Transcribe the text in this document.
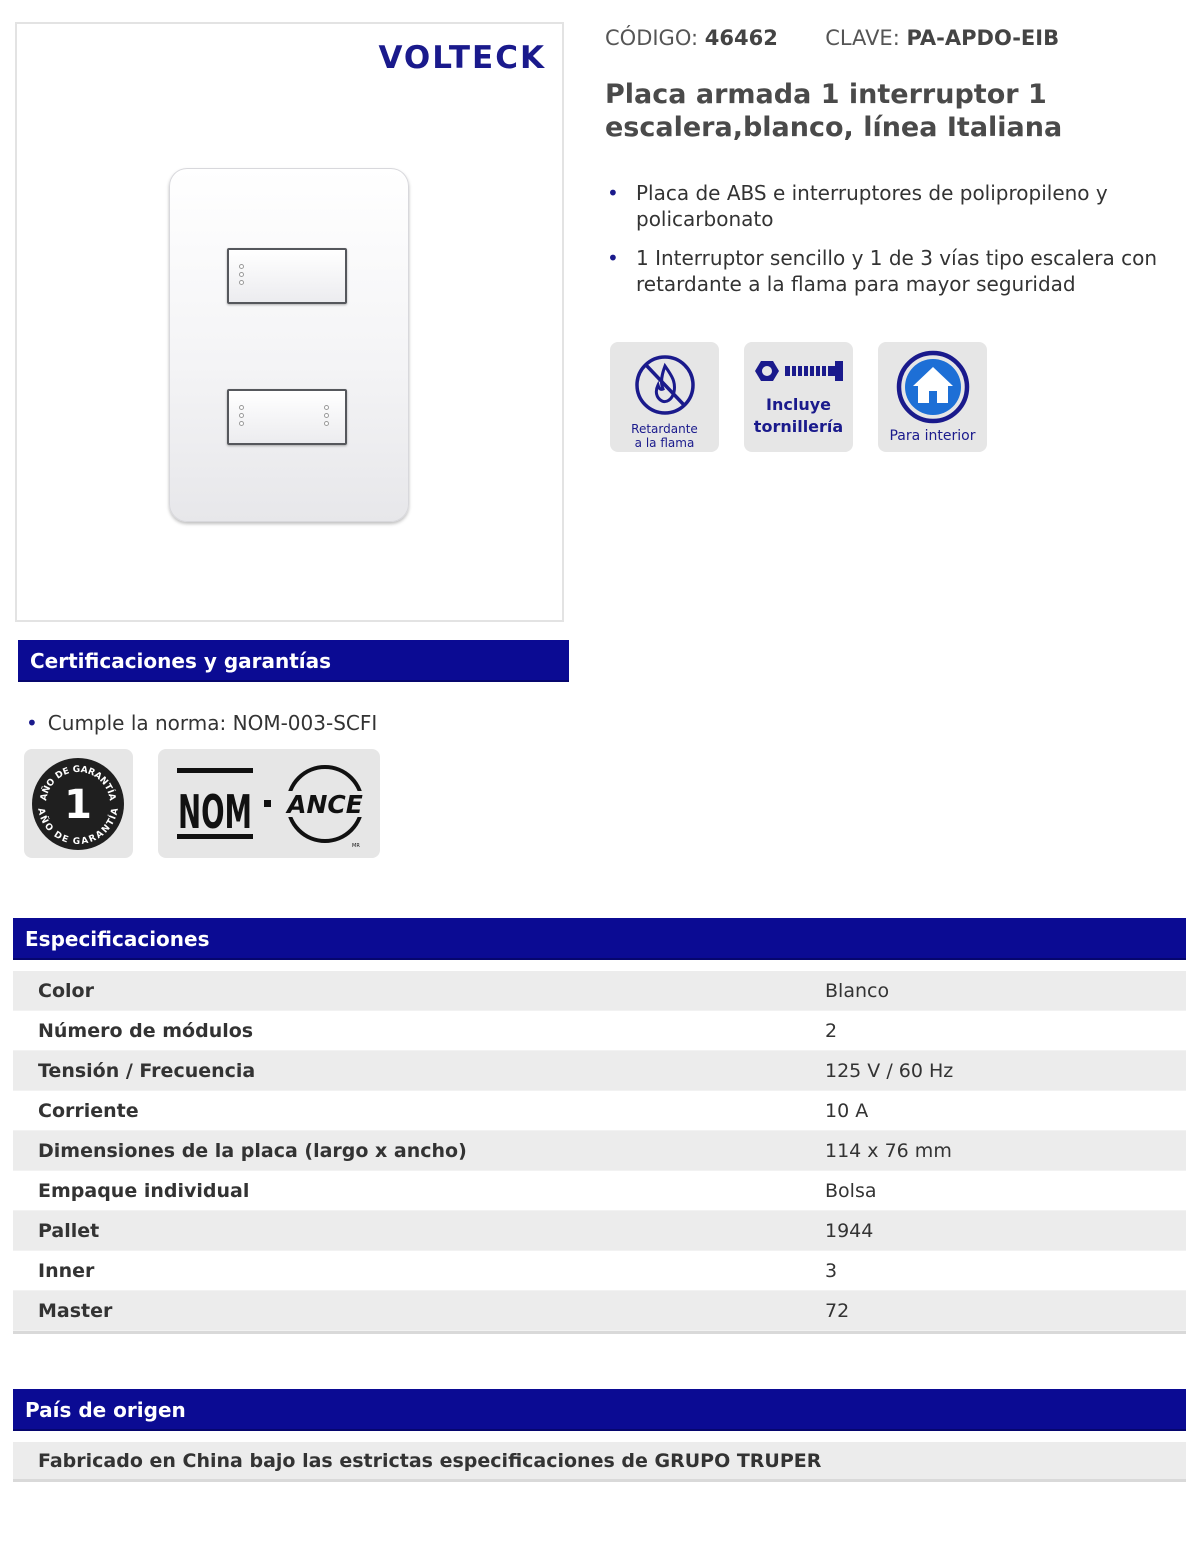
VOLTECK
CÓDIGO: 46462 CLAVE: PA-APDO-EIB
Placa armada 1 interruptor 1 escalera,blanco, línea Italiana
• Placa de ABS e interruptores de polipropileno y policarbonato
• 1 Interruptor sencillo y 1 de 3 vías tipo escalera con retardante a la flama para mayor seguridad
Retardante
a la flama
Incluye
tornillería	Para interior
Certificaciones y garantías
• Cumple la norma: NOM-003-SCFI
AÑO DE GARANTÍA
AÑO DE GARANTÍA
1 NOM ANCE
MR
Especificaciones
Color	Blanco
Número de módulos	2
Tensión / Frecuencia	125 V / 60 Hz
Corriente	10 A
Dimensiones de la placa (largo x ancho)	114 x 76 mm
Empaque individual	Bolsa
Pallet	1944
Inner	3
Master	72
País de origen
Fabricado en China bajo las estrictas especificaciones de GRUPO TRUPER
